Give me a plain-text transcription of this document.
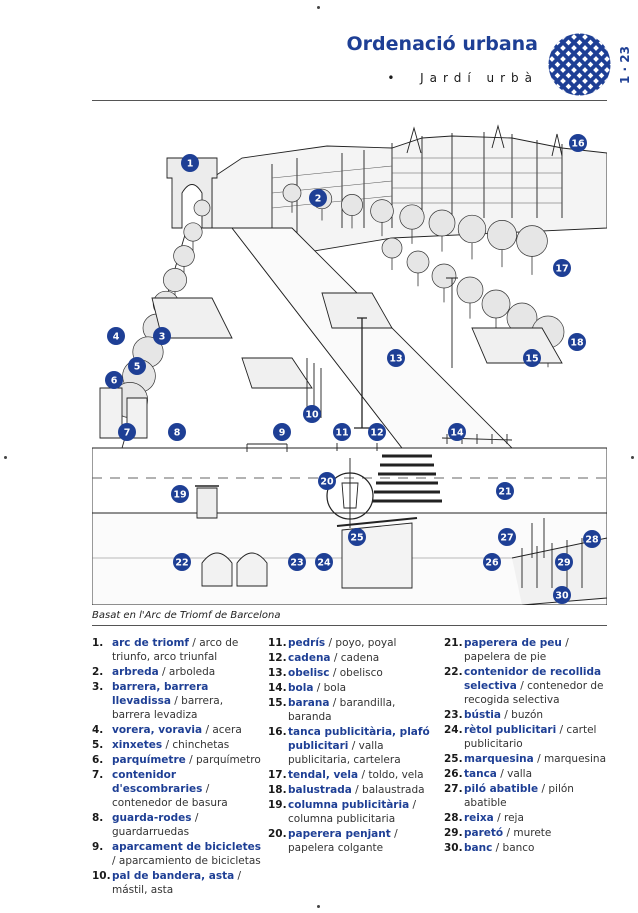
Ordenació urbana
•  Jardí urbà	1 · 23
1
2
3
4
5
6
7	8	9
10
11 12
13
14
15
16
17
18
19
20
21
22	23 24
25
26
27	28
29
30
Basat en l'Arc de Triomf de Barcelona
1. arc de triomf / arco de triunfo, arco triunfal
2. arbreda / arboleda
3. barrera, barrera llevadissa / barrera, barrera levadiza
4. vorera, voravia / acera
5. xinxetes / chinchetas
6. parquímetre / parquímetro
7. contenidor d'escombraries / contenedor de basura
8. guarda-rodes / guardarruedas
9. aparcament de bicicletes / aparcamiento de bicicletas
10. pal de bandera, asta / mástil, asta
11. pedrís / poyo, poyal
12. cadena / cadena
13. obelisc / obelisco
14. bola / bola
15. barana / barandilla, baranda
16. tanca publicitària, plafó publicitari / valla publicitaria, cartelera
17. tendal, vela / toldo, vela
18. balustrada / balaustrada
19. columna publicitària / columna publicitaria
20. paperera penjant / papelera colgante
21. paperera de peu / papelera de pie
22. contenidor de recollida selectiva / contenedor de recogida selectiva
23. bústia / buzón
24. rètol publicitari / cartel publicitario
25. marquesina / marquesina
26. tanca / valla
27. piló abatible / pilón abatible
28. reixa / reja
29. paretó / murete
30. banc / banco
